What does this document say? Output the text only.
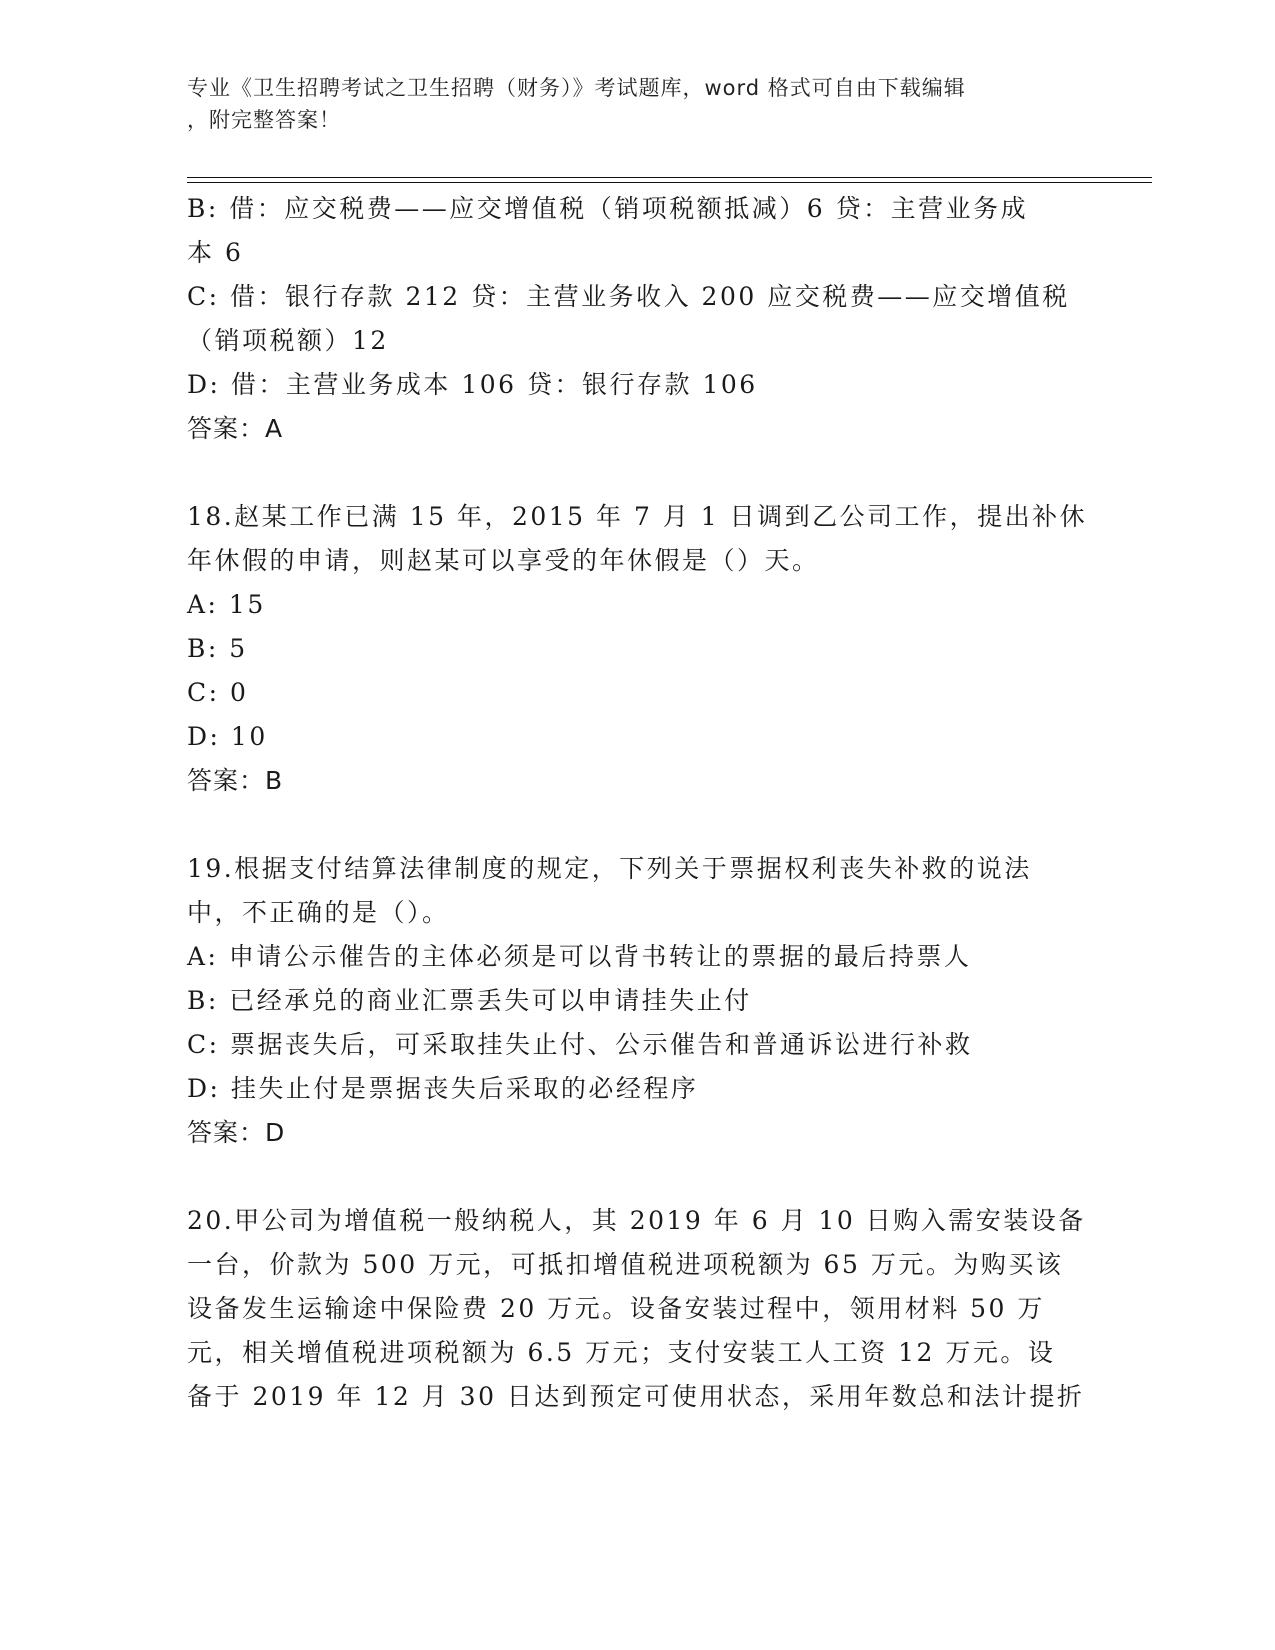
专业《卫生招聘考试之卫生招聘（财务）》考试题库，word 格式可自由下载编辑
，附完整答案！
B: 借：应交税费——应交增值税（销项税额抵减）6 贷：主营业务成
本 6
C: 借：银行存款 212 贷：主营业务收入 200 应交税费——应交增值税
（销项税额）12
D: 借：主营业务成本 106 贷：银行存款 106
答案：A
18.赵某工作已满 15 年，2015 年 7 月 1 日调到乙公司工作，提出补休
年休假的申请，则赵某可以享受的年休假是（）天。
A: 15
B: 5
C: 0
D: 10
答案：B
19.根据支付结算法律制度的规定，下列关于票据权利丧失补救的说法
中，不正确的是（）。
A: 申请公示催告的主体必须是可以背书转让的票据的最后持票人
B: 已经承兑的商业汇票丢失可以申请挂失止付
C: 票据丧失后，可采取挂失止付、公示催告和普通诉讼进行补救
D: 挂失止付是票据丧失后采取的必经程序
答案：D
20.甲公司为增值税一般纳税人，其 2019 年 6 月 10 日购入需安装设备
一台，价款为 500 万元，可抵扣增值税进项税额为 65 万元。为购买该
设备发生运输途中保险费 20 万元。设备安装过程中，领用材料 50 万
元，相关增值税进项税额为 6.5 万元；支付安装工人工资 12 万元。设
备于 2019 年 12 月 30 日达到预定可使用状态，采用年数总和法计提折
